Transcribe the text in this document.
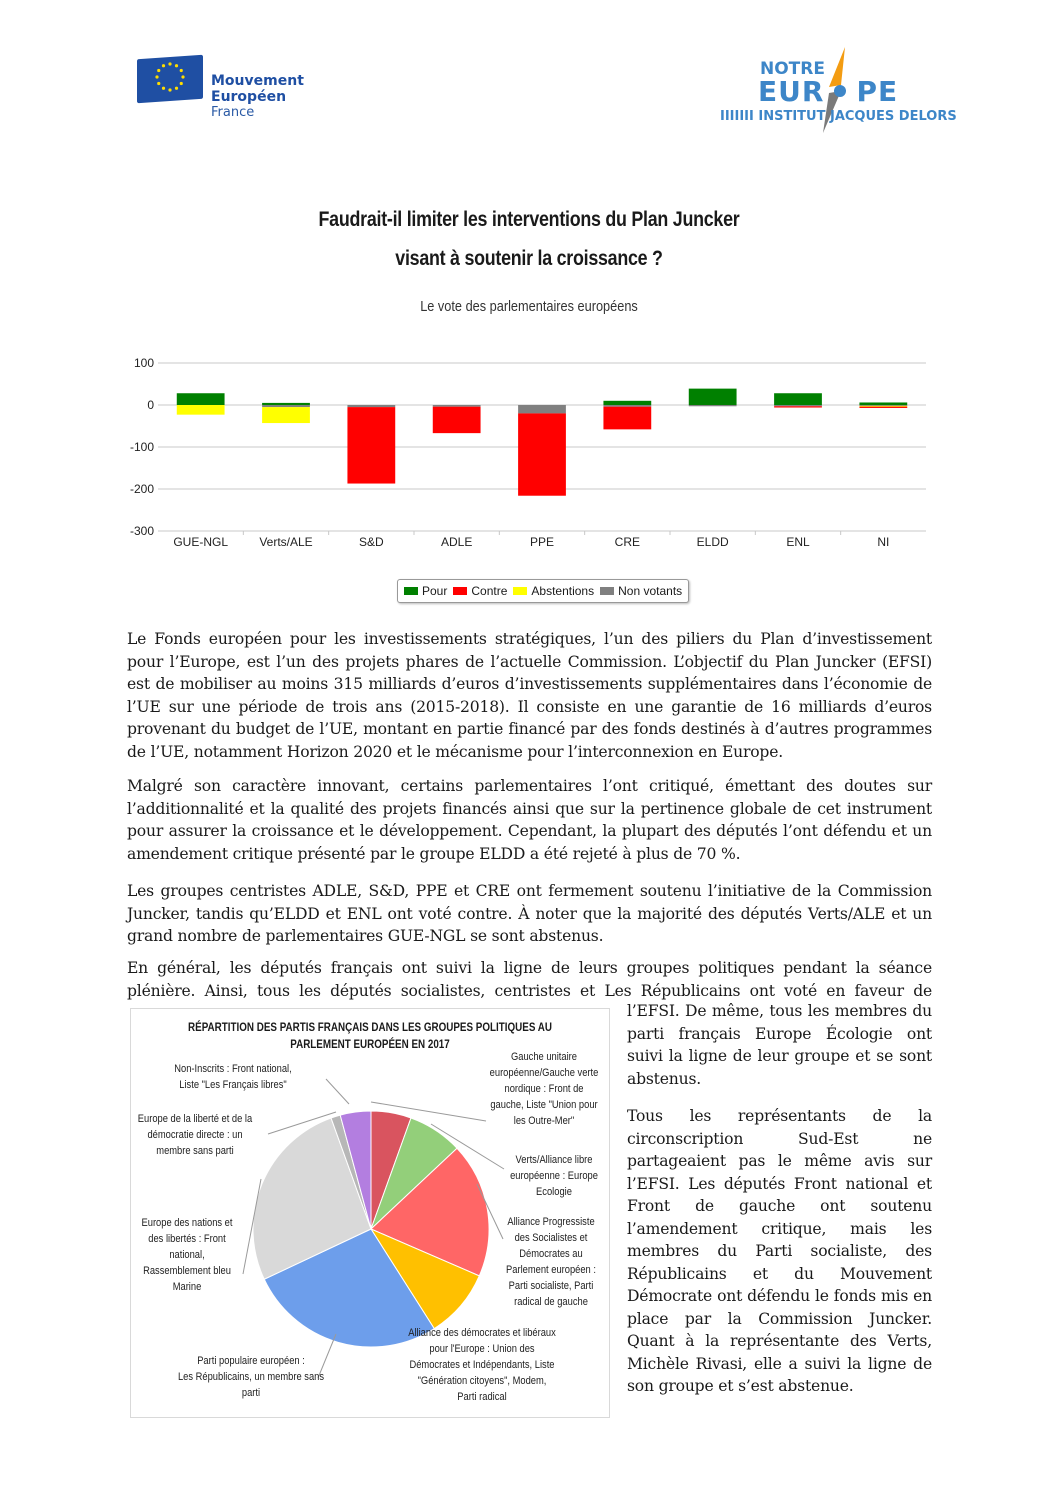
Mouvement
Européen
France
NOTRE
EUR PE
IIIIIII INSTITUT JACQUES DELORS
Faudrait-il limiter les interventions du Plan Juncker
visant à soutenir la croissance ?
Le vote des parlementaires européens
100
0
-100
-200
-300
GUE-NGL	Verts/ALE	S&D	ADLE	PPE	CRE	ELDD	ENL	NI
Pour Contre Abstentions Non votants

Le Fonds européen pour les investissements stratégiques, l’un des piliers du Plan d’investissement pour l’Europe, est l’un des projets phares de l’actuelle Commission. L’objectif du Plan Juncker (EFSI) est de mobiliser au moins 315 milliards d’euros d’investissements supplémentaires dans l’économie de l’UE sur une période de trois ans (2015-2018). Il consiste en une garantie de 16 milliards d’euros provenant du budget de l’UE, montant en partie financé par des fonds destinés à d’autres programmes de l’UE, notamment Horizon 2020 et le mécanisme pour l’interconnexion en Europe.

Malgré son caractère innovant, certains parlementaires l’ont critiqué, émettant des doutes sur l’additionnalité et la qualité des projets financés ainsi que sur la pertinence globale de cet instrument pour assurer la croissance et le développement. Cependant, la plupart des députés l’ont défendu et un amendement critique présenté par le groupe ELDD a été rejeté à plus de 70 %.

Les groupes centristes ADLE, S&D, PPE et CRE ont fermement soutenu l’initiative de la Commission Juncker, tandis qu’ELDD et ENL ont voté contre. À noter que la majorité des députés Verts/ALE et un grand nombre de parlementaires GUE-NGL se sont abstenus.

En général, les députés français ont suivi la ligne de leurs groupes politiques pendant la séance plénière. Ainsi, tous les députés socialistes, centristes et Les Républicains ont voté en faveur de

l’EFSI. De même, tous les membres du parti français Europe Écologie ont suivi la ligne de leur groupe et se sont abstenus.

Tous les représentants de la circonscription Sud-Est ne partageaient pas le même avis sur l’EFSI. Les députés Front national et Front de gauche ont soutenu l’amendement critique, mais les membres du Parti socialiste, des Républicains et du Mouvement Démocrate ont défendu le fonds mis en place par la Commission Juncker. Quant à la représentante des Verts, Michèle Rivasi, elle a suivi la ligne de son groupe et s’est abstenue.

RÉPARTITION DES PARTIS FRANÇAIS DANS LES GROUPES POLITIQUES AU
PARLEMENT EUROPÉEN EN 2017
Non-Inscrits : Front national,
Liste "Les Français libres"
Europe de la liberté et de la
démocratie directe : un
membre sans parti
Europe des nations et
des libertés : Front
national,
Rassemblement bleu
Marine
Parti populaire européen :
Les Républicains, un membre sans
parti
Gauche unitaire
européenne/Gauche verte
nordique : Front de
gauche, Liste "Union pour
les Outre-Mer"
Verts/Alliance libre
européenne : Europe
Ecologie
Alliance Progressiste
des Socialistes et
Démocrates au
Parlement européen :
Parti socialiste, Parti
radical de gauche
Alliance des démocrates et libéraux
pour l'Europe : Union des
Démocrates et Indépendants, Liste
"Génération citoyens", Modem,
Parti radical
